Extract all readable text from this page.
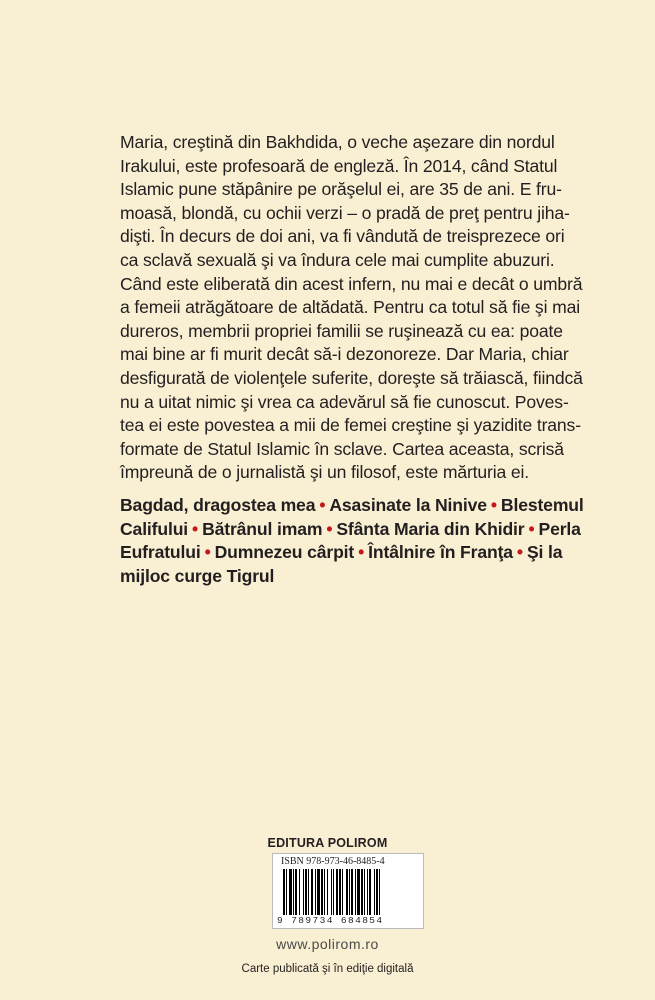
Maria, creştină din Bakhdida, o veche aşezare din nordul
Irakului, este profesoară de engleză. În 2014, când Statul
Islamic pune stăpânire pe orăşelul ei, are 35 de ani. E fru-
moasă, blondă, cu ochii verzi – o pradă de preţ pentru jiha-
dişti. În decurs de doi ani, va fi vândută de treisprezece ori
ca sclavă sexuală şi va îndura cele mai cumplite abuzuri.
Când este eliberată din acest infern, nu mai e decât o umbră
a femeii atrăgătoare de altădată. Pentru ca totul să fie şi mai
dureros, membrii propriei familii se ruşinează cu ea: poate
mai bine ar fi murit decât să-i dezonoreze. Dar Maria, chiar
desfigurată de violenţele suferite, doreşte să trăiască, fiindcă
nu a uitat nimic şi vrea ca adevărul să fie cunoscut. Poves-
tea ei este povestea a mii de femei creştine şi yazidite trans-
formate de Statul Islamic în sclave. Cartea aceasta, scrisă
împreună de o jurnalistă şi un filosof, este mărturia ei.
Bagdad, dragostea mea • Asasinate la Ninive • Blestemul
Califului • Bătrânul imam • Sfânta Maria din Khidir • Perla
Eufratului • Dumnezeu cârpit • Întâlnire în Franţa • Şi la
mijloc curge Tigrul
EDITURA POLIROM
ISBN 978-973-46-8485-4
9 789734 684854
www.polirom.ro
Carte publicată şi în ediţie digitală
